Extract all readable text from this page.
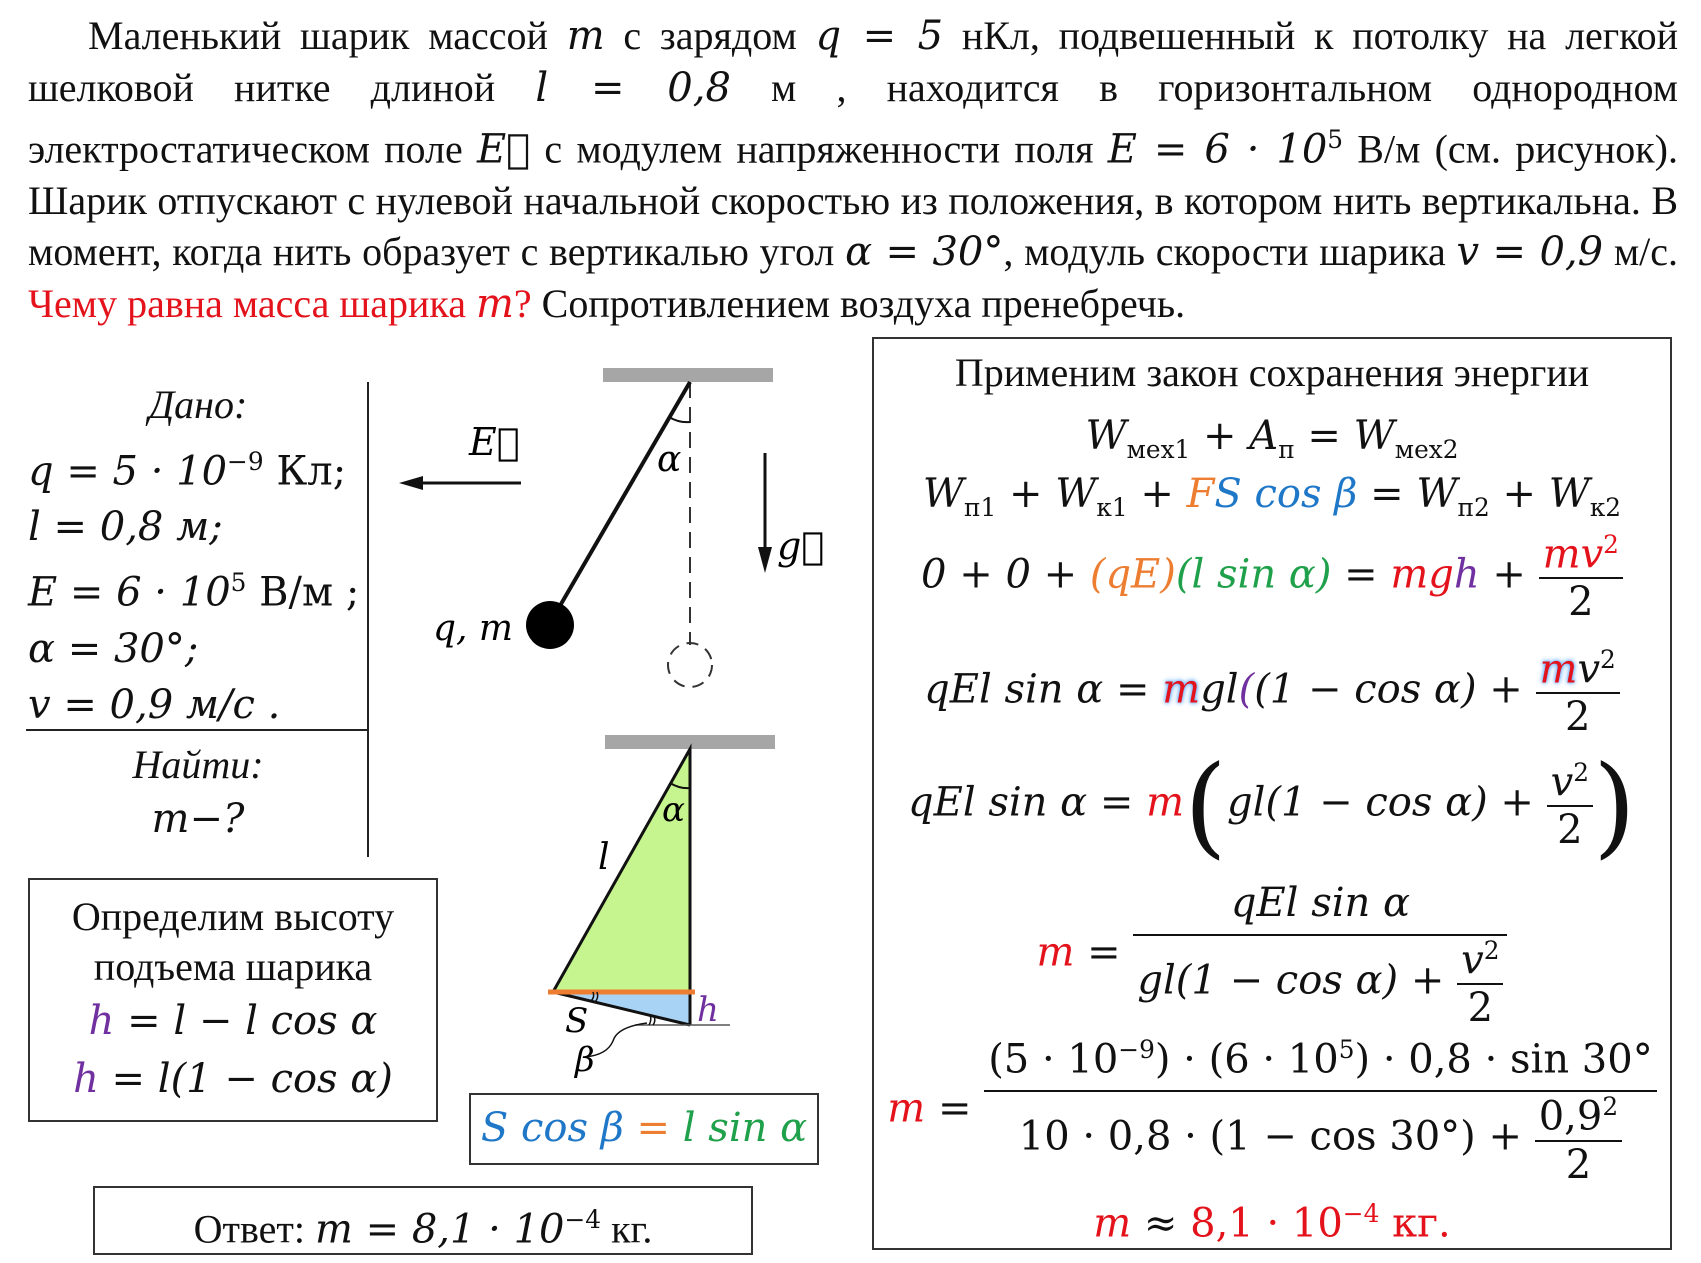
Маленький шарик массой m с зарядом q = 5 нКл, подвешенный к потолку на легкой шелковой нитке длиной l = 0,8 м , находится в горизонтальном однородном электростатическом поле E⃗ с модулем напряженности поля $E = 6 \cdot 10^5$ В/м (см. рисунок). Шарик отпускают с нулевой начальной скоростью из положения, в котором нить вертикальна. В момент, когда нить образует с вертикалью угол α = 30°, модуль скорости шарика v = 0,9 м/с. Чему равна масса шарика m? Сопротивлением воздуха пренебречь.
Дано:
$q = 5 \cdot 10^{-9}$ Кл;
l = 0,8 м;
$E = 6 \cdot 10^5$ В/м ;
α = 30°;
v = 0,9 м/с .
Найти:
m−?
Определим высоту
подъема шарика
h = l − l cos α
h = l(1 − cos α)
S cos β = l sin α
Ответ: $m = 8,1 \cdot 10^{-4}$ кг.
α
E⃗
g⃗
q, m
α
l
h
S
β
Применим закон сохранения энергии
$W_{мех1} + A_п = W_{мех2}$
$W_{п1} + W_{к1}$ + FS $\cos \beta = W_{п2} + W_{к2}$
0 + 0 + (qE)(l sin α) = mgh + $\frac{mv^2}{2}$
qEl $\sin \alpha = mgl((1 - \cos \alpha) + \frac{mv^2}{2}$
qEl $\sin \alpha = m(gl(1 - \cos \alpha) + \frac{v^2}{2}$ )
$m = \frac{\text{qEl sin α}}{gl(1 - \cos \alpha) + \frac{v^2}{2}}$
$m = \frac{(5 \cdot 10^{-9}) \cdot (6 \cdot 10^5) \cdot 0,8 \cdot \sin 30^\circ}{10 \cdot 0,8 \cdot (1 - \cos 30^\circ) + \frac{0,9^2}{2}}$
$m \approx 8,1 \cdot 10^{-4}$ кг.
